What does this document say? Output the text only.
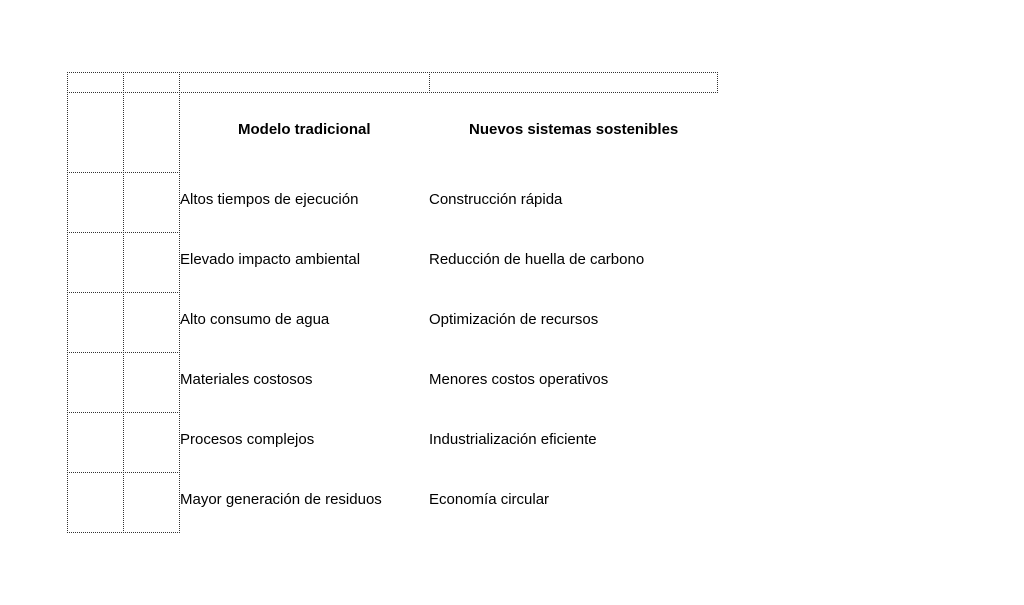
Modelo tradicional	Nuevos sistemas sostenibles
Altos tiempos de ejecución
Elevado impacto ambiental
Alto consumo de agua
Materiales costosos
Procesos complejos
Mayor generación de residuos
Construcción rápida
Reducción de huella de carbono
Optimización de recursos
Menores costos operativos
Industrialización eficiente
Economía circular
